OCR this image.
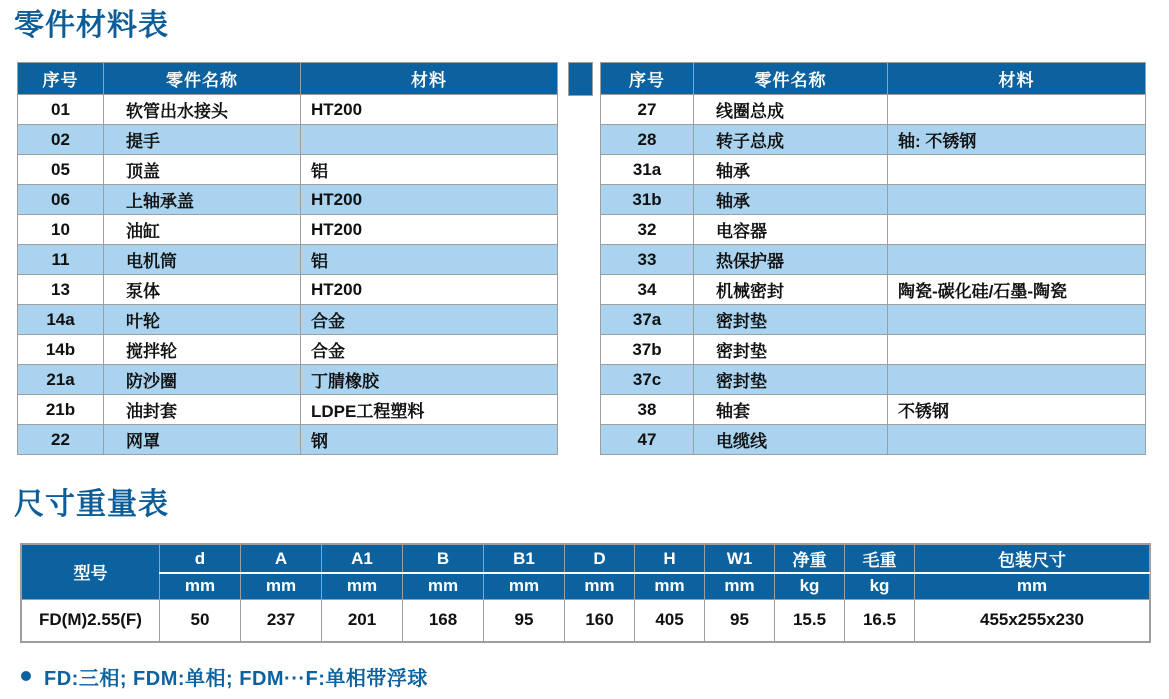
零件材料表
序号	零件名称	材料
01	软管出水接头	HT200
02	提手	
05	顶盖	铝
06	上轴承盖	HT200
10	油缸	HT200
11	电机筒	铝
13	泵体	HT200
14a	叶轮	合金
14b	搅拌轮	合金
21a	防沙圈	丁腈橡胶
21b	油封套	LDPE工程塑料
22	网罩	钢
序号	零件名称	材料
27	线圈总成	
28	转子总成	轴: 不锈钢
31a	轴承	
31b	轴承	
32	电容器	
33	热保护器	
34	机械密封	陶瓷-碳化硅/石墨-陶瓷
37a	密封垫	
37b	密封垫	
37c	密封垫	
38	轴套	不锈钢
47	电缆线	
尺寸重量表
型号	d	A	A1	B	B1	D	H	W1	净重	毛重	包装尺寸
	mm	mm	mm	mm	mm	mm	mm	mm	kg	kg	mm
FD(M)2.55(F)	50	237	201	168	95	160	405	95	15.5	16.5	455x255x230
FD:三相; FDM:单相; FDM···F:单相带浮球
